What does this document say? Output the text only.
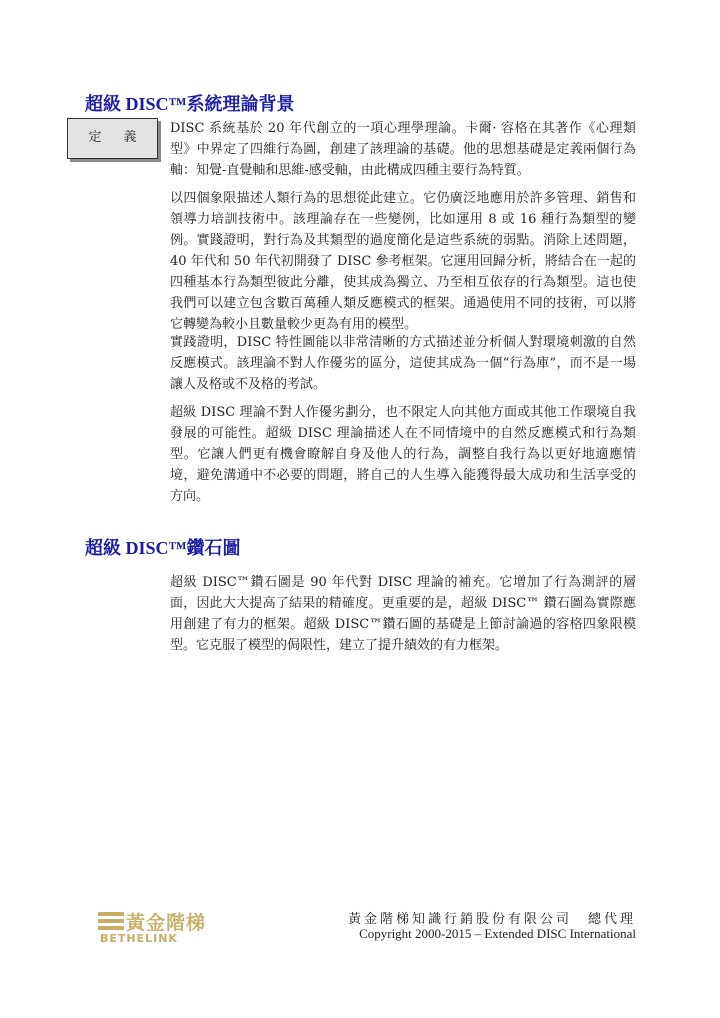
超級 DISC™系統理論背景
定義

DISC 系統基於 20 年代創立的一項心理學理論。卡爾· 容格在其著作《心理類型》中界定了四維行為圖，創建了該理論的基礎。他的思想基礎是定義兩個行為軸：知覺-直覺軸和思維-感受軸，由此構成四種主要行為特質。

以四個象限描述人類行為的思想從此建立。它仍廣泛地應用於許多管理、銷售和領導力培訓技術中。該理論存在一些變例，比如運用 8 或 16 種行為類型的變例。實踐證明，對行為及其類型的過度簡化是這些系統的弱點。消除上述問題，40 年代和 50 年代初開發了 DISC 參考框架。它運用回歸分析，將結合在一起的四種基本行為類型彼此分離，使其成為獨立、乃至相互依存的行為類型。這也使我們可以建立包含數百萬種人類反應模式的框架。通過使用不同的技術，可以將它轉變為較小且數量較少更為有用的模型。

實踐證明，DISC 特性圖能以非常清晰的方式描述並分析個人對環境刺激的自然反應模式。該理論不對人作優劣的區分，這使其成為一個“行為庫”，而不是一場讓人及格或不及格的考試。

超級 DISC 理論不對人作優劣劃分，也不限定人向其他方面或其他工作環境自我發展的可能性。超級 DISC 理論描述人在不同情境中的自然反應模式和行為類型。它讓人們更有機會瞭解自身及他人的行為，調整自我行為以更好地適應情境，避免溝通中不必要的問題，將自己的人生導入能獲得最大成功和生活享受的方向。

超級 DISC™鑽石圖

超級 DISC™鑽石圖是 90 年代對 DISC 理論的補充。它增加了行為測評的層面，因此大大提高了結果的精確度。更重要的是，超級 DISC™ 鑽石圖為實際應用創建了有力的框架。超級 DISC™鑽石圖的基礎是上節討論過的容格四象限模型。它克服了模型的侷限性，建立了提升績效的有力框架。

黃金階梯
BETHELINK
黃金階梯知識行銷股份有限公司　總代理
Copyright 2000-2015 – Extended DISC International
